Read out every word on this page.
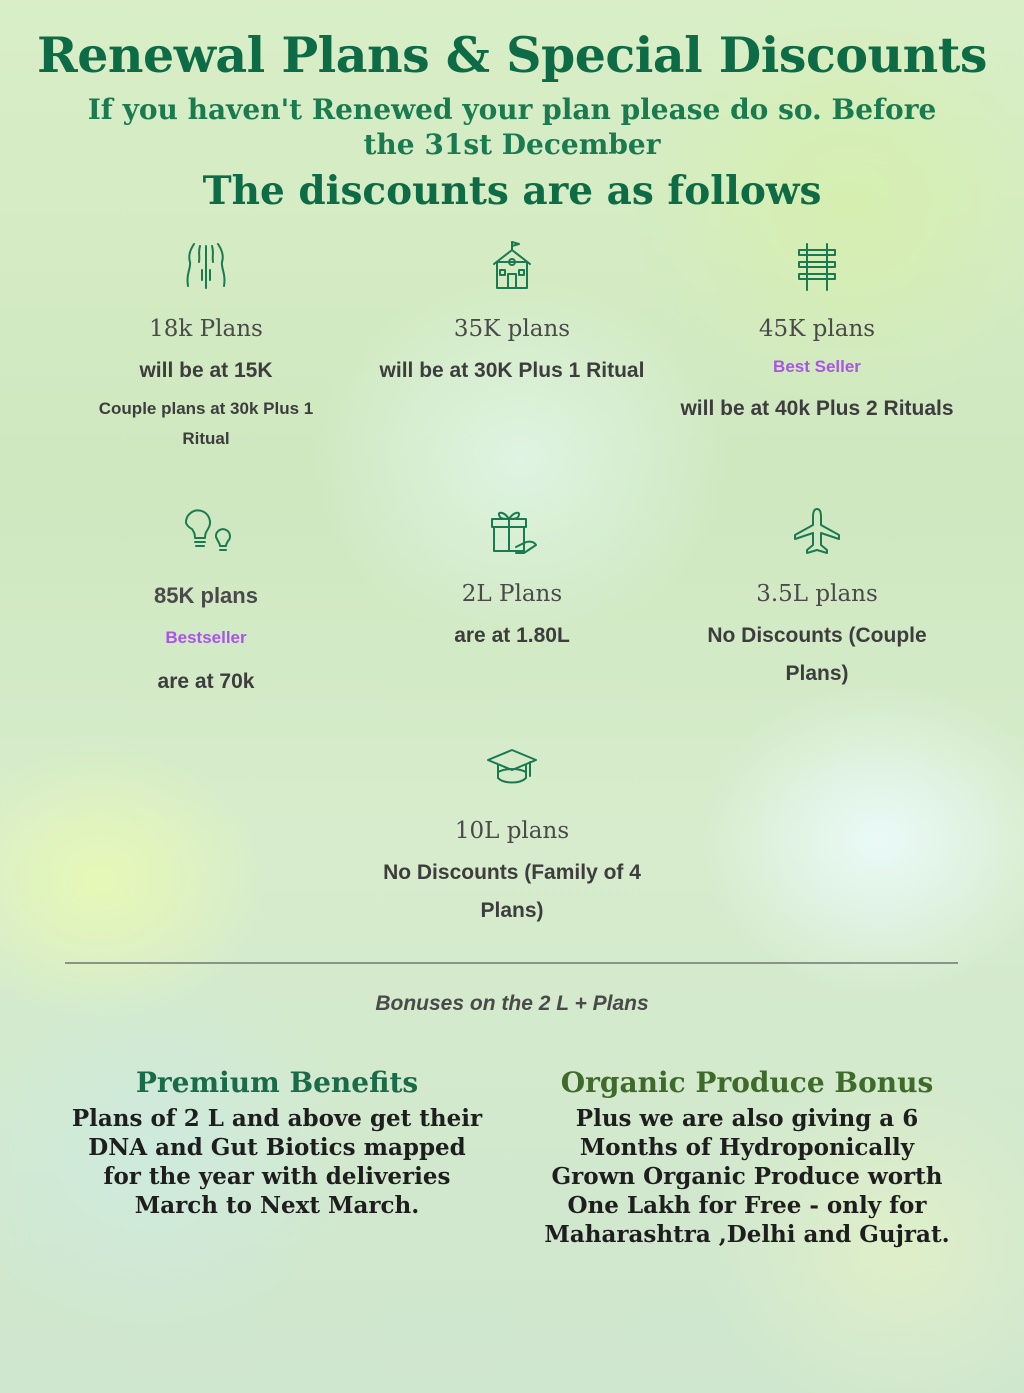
Renewal Plans & Special Discounts

If you haven't Renewed your plan please do so. Before the 31st December

The discounts are as follows

18k Plans

will be at 15K

Couple plans at 30k Plus 1 Ritual

35K plans

will be at 30K Plus 1 Ritual

45K plans

Best Seller

will be at 40k Plus 2 Rituals

85K plans

Bestseller

are at 70k

2L Plans

are at 1.80L

3.5L plans

No Discounts (Couple Plans)

10L plans

No Discounts (Family of 4 Plans)

Bonuses on the 2 L + Plans

Premium Benefits

Plans of 2 L and above get their DNA and Gut Biotics mapped for the year with deliveries March to Next March.

Organic Produce Bonus

Plus we are also giving a 6 Months of Hydroponically Grown Organic Produce worth One Lakh for Free - only for Maharashtra ,Delhi and Gujrat.
